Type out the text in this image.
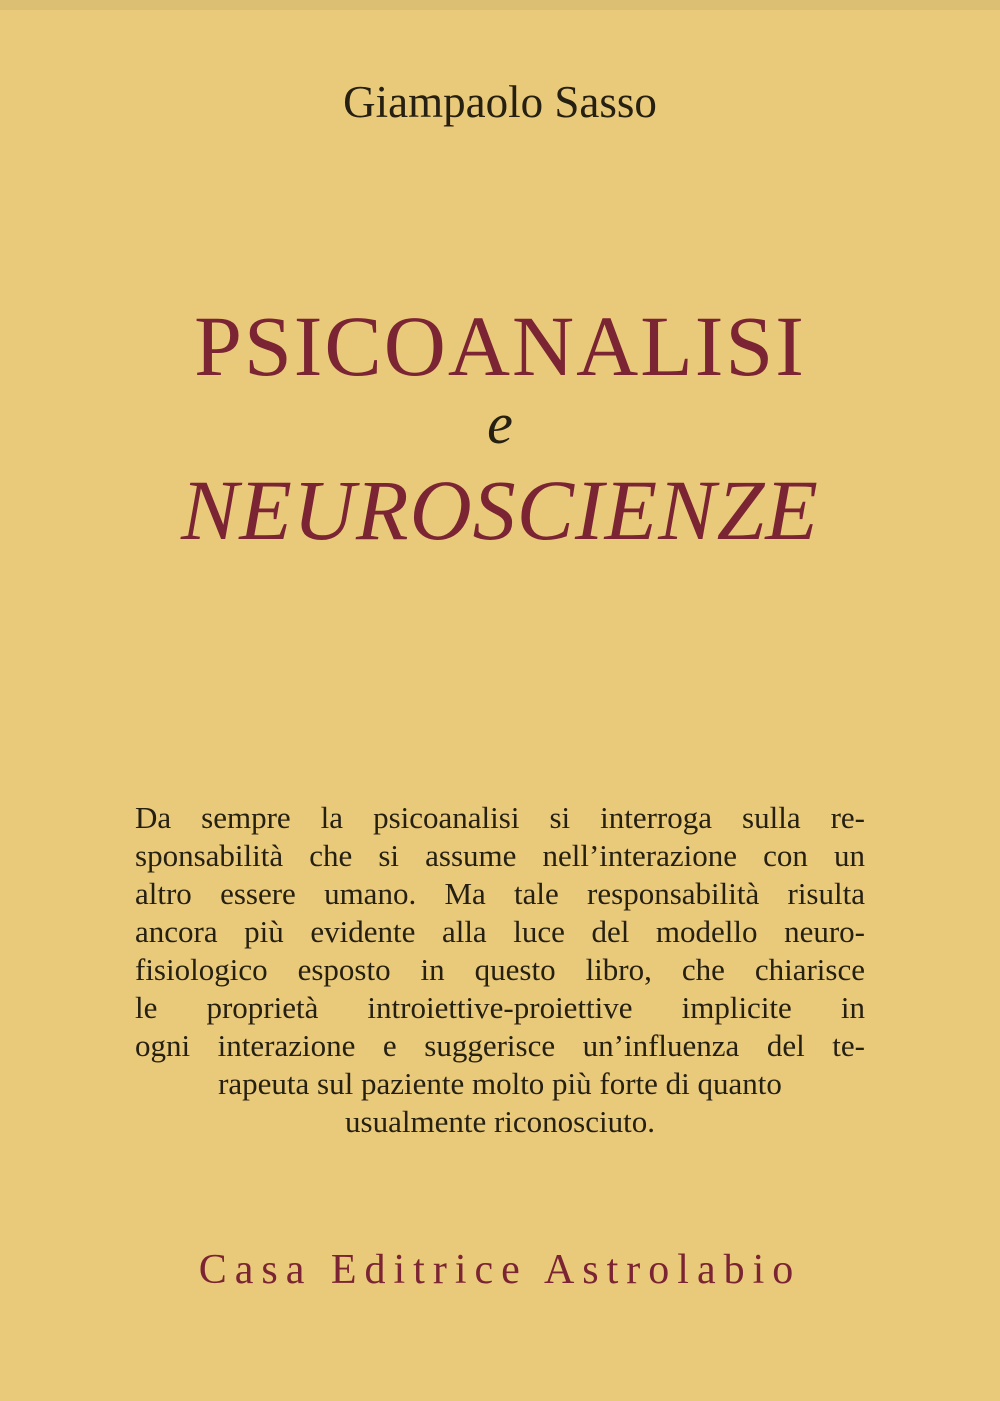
Giampaolo Sasso
PSICOANALISI
e
NEUROSCIENZE
Da sempre la psicoanalisi si interroga sulla re-
sponsabilità che si assume nell’interazione con un
altro essere umano. Ma tale responsabilità risulta
ancora più evidente alla luce del modello neuro-
fisiologico esposto in questo libro, che chiarisce
le proprietà introiettive-proiettive implicite in
ogni interazione e suggerisce un’influenza del te-
rapeuta sul paziente molto più forte di quanto
usualmente riconosciuto.
Casa Editrice Astrolabio
